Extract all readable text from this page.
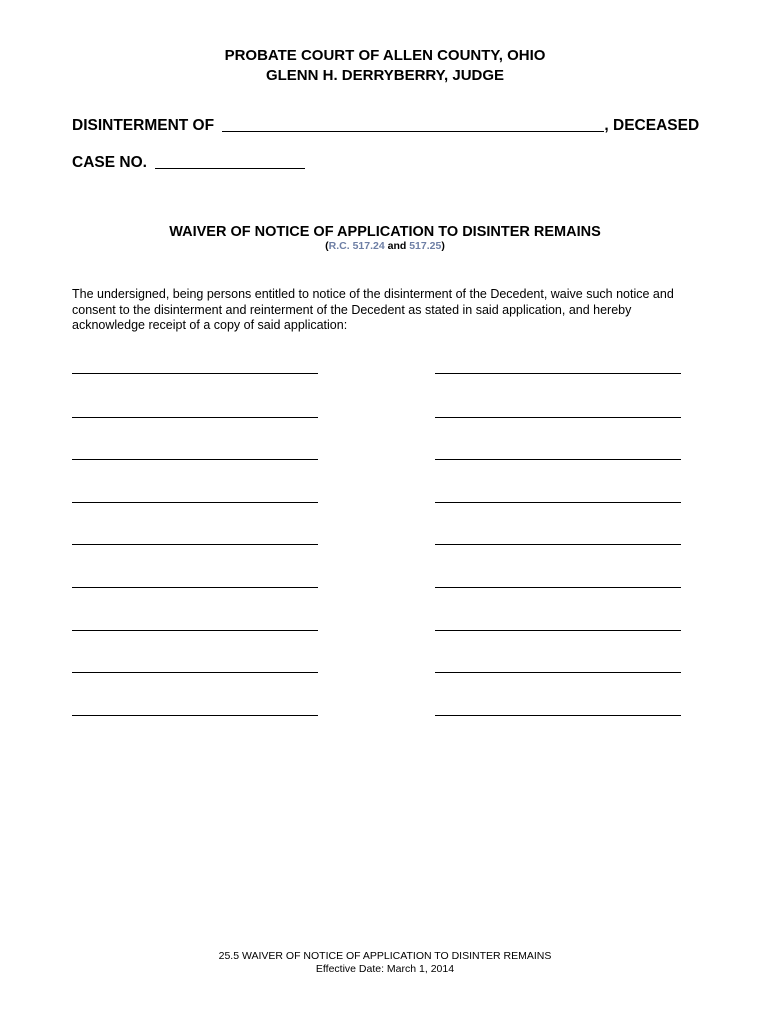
PROBATE COURT OF ALLEN COUNTY, OHIO
GLENN H. DERRYBERRY, JUDGE
DISINTERMENT OF	, DECEASED
CASE NO.
WAIVER OF NOTICE OF APPLICATION TO DISINTER REMAINS
(R.C. 517.24 and 517.25)
The undersigned, being persons entitled to notice of the disinterment of the Decedent, waive such notice and consent to the disinterment and reinterment of the Decedent as stated in said application, and hereby acknowledge receipt of a copy of said application:
25.5 WAIVER OF NOTICE OF APPLICATION TO DISINTER REMAINS
Effective Date: March 1, 2014
